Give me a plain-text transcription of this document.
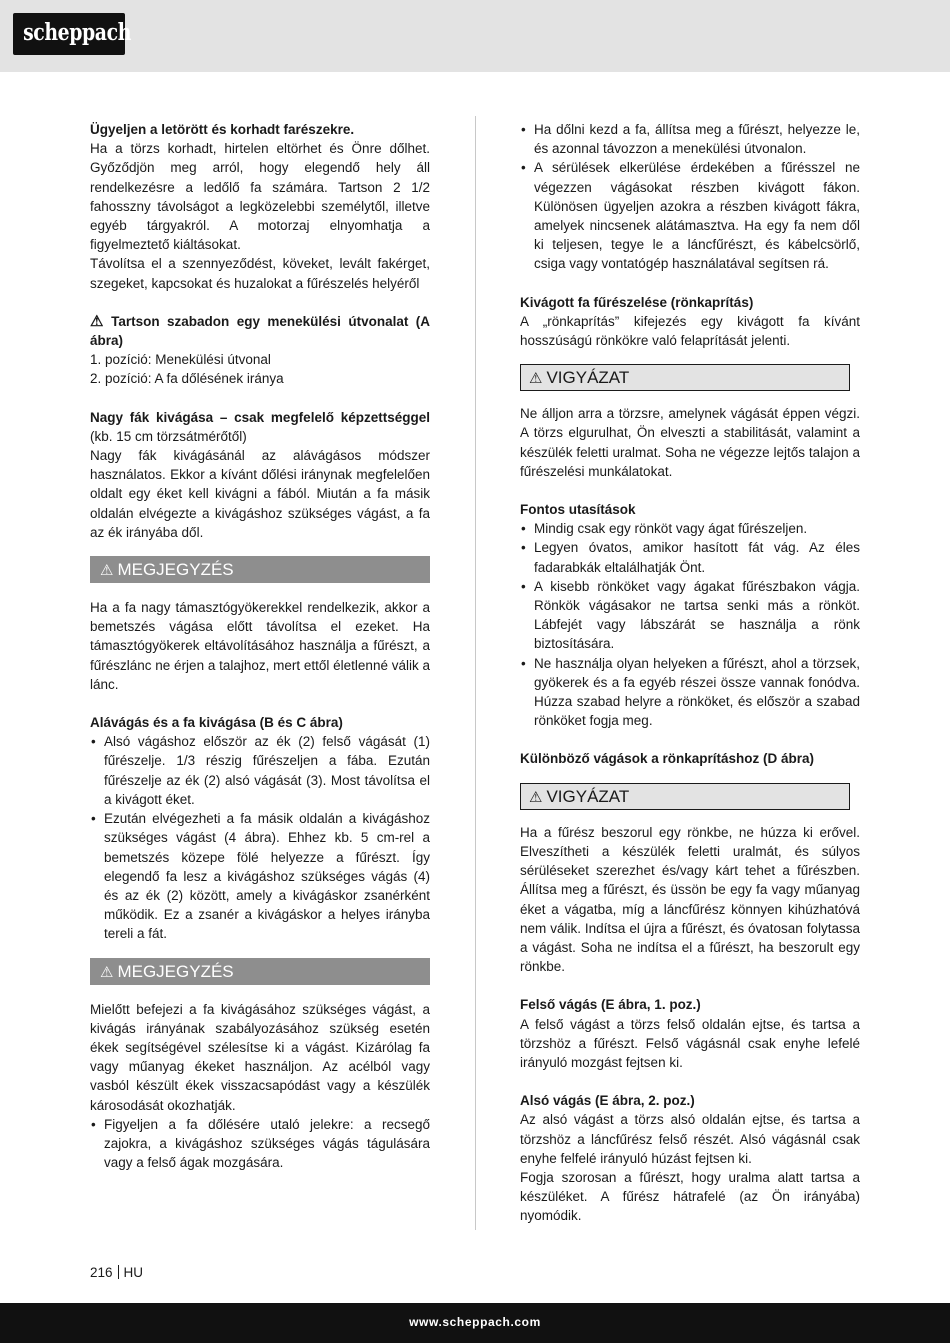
scheppach

Ügyeljen a letörött és korhadt farészekre.

Ha a törzs korhadt, hirtelen eltörhet és Önre dőlhet. Győződjön meg arról, hogy elegendő hely áll rendelkezésre a ledőlő fa számára. Tartson 2 1/2 fahosszny távolságot a legközelebbi személytől, illetve egyéb tárgyakról. A motorzaj elnyomhatja a figyelmeztető kiáltásokat.

Távolítsa el a szennyeződést, köveket, levált fakérget, szegeket, kapcsokat és huzalokat a fűrészelés helyéről

⚠ Tartson szabadon egy menekülési útvonalat (A ábra)

1. pozíció: Menekülési útvonal

2. pozíció: A fa dőlésének iránya

Nagy fák kivágása – csak megfelelő képzettséggel (kb. 15 cm törzsátmérőtől)

Nagy fák kivágásánál az alávágásos módszer használatos. Ekkor a kívánt dőlési iránynak megfelelően oldalt egy éket kell kivágni a fából. Miután a fa másik oldalán elvégezte a kivágáshoz szükséges vágást, a fa az ék irányába dől.

⚠ MEGJEGYZÉS

Ha a fa nagy támasztógyökerekkel rendelkezik, akkor a bemetszés vágása előtt távolítsa el ezeket. Ha támasztógyökerek eltávolításához használja a fűrészt, a fűrészlánc ne érjen a talajhoz, mert ettől életlenné válik a lánc.

Alávágás és a fa kivágása (B és C ábra)

• Alsó vágáshoz először az ék (2) felső vágását (1) fűrészelje. 1/3 részig fűrészeljen a fába. Ezután fűrészelje az ék (2) alsó vágását (3). Most távolítsa el a kivágott éket.
• Ezután elvégezheti a fa másik oldalán a kivágáshoz szükséges vágást (4 ábra). Ehhez kb. 5 cm-rel a bemetszés közepe fölé helyezze a fűrészt. Így elegendő fa lesz a kivágáshoz szükséges vágás (4) és az ék (2) között, amely a kivágáskor zsanérként működik. Ez a zsanér a kivágáskor a helyes irányba tereli a fát.
⚠ MEGJEGYZÉS

Mielőtt befejezi a fa kivágásához szükséges vágást, a kivágás irányának szabályozásához szükség esetén ékek segítségével szélesítse ki a vágást. Kizárólag fa vagy műanyag ékeket használjon. Az acélból vagy vasból készült ékek visszacsapódást vagy a készülék károsodását okozhatják.

• Figyeljen a fa dőlésére utaló jelekre: a recsegő zajokra, a kivágáshoz szükséges vágás tágulására vagy a felső ágak mozgására.
• Ha dőlni kezd a fa, állítsa meg a fűrészt, helyezze le, és azonnal távozzon a menekülési útvonalon.
• A sérülések elkerülése érdekében a fűrésszel ne végezzen vágásokat részben kivágott fákon. Különösen ügyeljen azokra a részben kivágott fákra, amelyek nincsenek alátámasztva. Ha egy fa nem dől ki teljesen, tegye le a láncfűrészt, és kábelcsörlő, csiga vagy vontatógép használatával segítsen rá.

Kivágott fa fűrészelése (rönkaprítás)

A „rönkaprítás” kifejezés egy kivágott fa kívánt hosszúságú rönkökre való felaprítását jelenti.

⚠ VIGYÁZAT

Ne álljon arra a törzsre, amelynek vágását éppen végzi. A törzs elgurulhat, Ön elveszti a stabilitását, valamint a készülék feletti uralmat. Soha ne végezze lejtős talajon a fűrészelési munkálatokat.

Fontos utasítások

• Mindig csak egy rönköt vagy ágat fűrészeljen.
• Legyen óvatos, amikor hasított fát vág. Az éles fadarabkák eltalálhatják Önt.
• A kisebb rönköket vagy ágakat fűrészbakon vágja. Rönkök vágásakor ne tartsa senki más a rönköt. Lábfejét vagy lábszárát se használja a rönk biztosítására.
• Ne használja olyan helyeken a fűrészt, ahol a törzsek, gyökerek és a fa egyéb részei össze vannak fonódva. Húzza szabad helyre a rönköket, és először a szabad rönköket fogja meg.

Különböző vágások a rönkaprításhoz (D ábra)

⚠ VIGYÁZAT

Ha a fűrész beszorul egy rönkbe, ne húzza ki erővel. Elveszítheti a készülék feletti uralmát, és súlyos sérüléseket szerezhet és/vagy kárt tehet a fűrészben. Állítsa meg a fűrészt, és üssön be egy fa vagy műanyag éket a vágatba, míg a láncfűrész könnyen kihúzhatóvá nem válik. Indítsa el újra a fűrészt, és óvatosan folytassa a vágást. Soha ne indítsa el a fűrészt, ha beszorult egy rönkbe.

Felső vágás (E ábra, 1. poz.)

A felső vágást a törzs felső oldalán ejtse, és tartsa a törzshöz a fűrészt. Felső vágásnál csak enyhe lefelé irányuló mozgást fejtsen ki.

Alsó vágás (E ábra, 2. poz.)

Az alsó vágást a törzs alsó oldalán ejtse, és tartsa a törzshöz a láncfűrész felső részét. Alsó vágásnál csak enyhe felfelé irányuló húzást fejtsen ki.

Fogja szorosan a fűrészt, hogy uralma alatt tartsa a készüléket. A fűrész hátrafelé (az Ön irányába) nyomódik.

216 HU
www.scheppach.com
